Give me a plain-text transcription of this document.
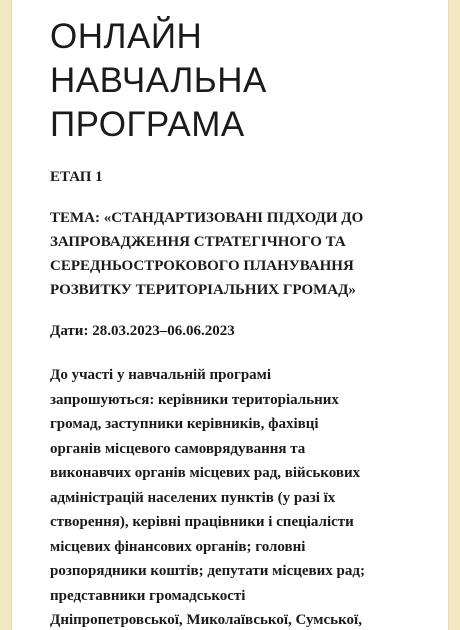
ОНЛАЙН
НАВЧАЛЬНА
ПРОГРАМА

ЕТАП 1

ТЕМА: «СТАНДАРТИЗОВАНІ ПІДХОДИ ДО
ЗАПРОВАДЖЕННЯ СТРАТЕГІЧНОГО ТА
СЕРЕДНЬОСТРОКОВОГО ПЛАНУВАННЯ
РОЗВИТКУ ТЕРИТОРІАЛЬНИХ ГРОМАД»

Дати: 28.03.2023–06.06.2023

До участі у навчальній програмі
запрошуються: керівники територіальних
громад, заступники керівників, фахівці
органів місцевого самоврядування та
виконавчих органів місцевих рад, військових
адміністрацій населених пунктів (у разі їх
створення), керівні працівники і спеціалісти
місцевих фінансових органів; головні
розпорядники коштів; депутати місцевих рад;
представники громадськості
Дніпропетровської, Миколаївської, Сумської,
